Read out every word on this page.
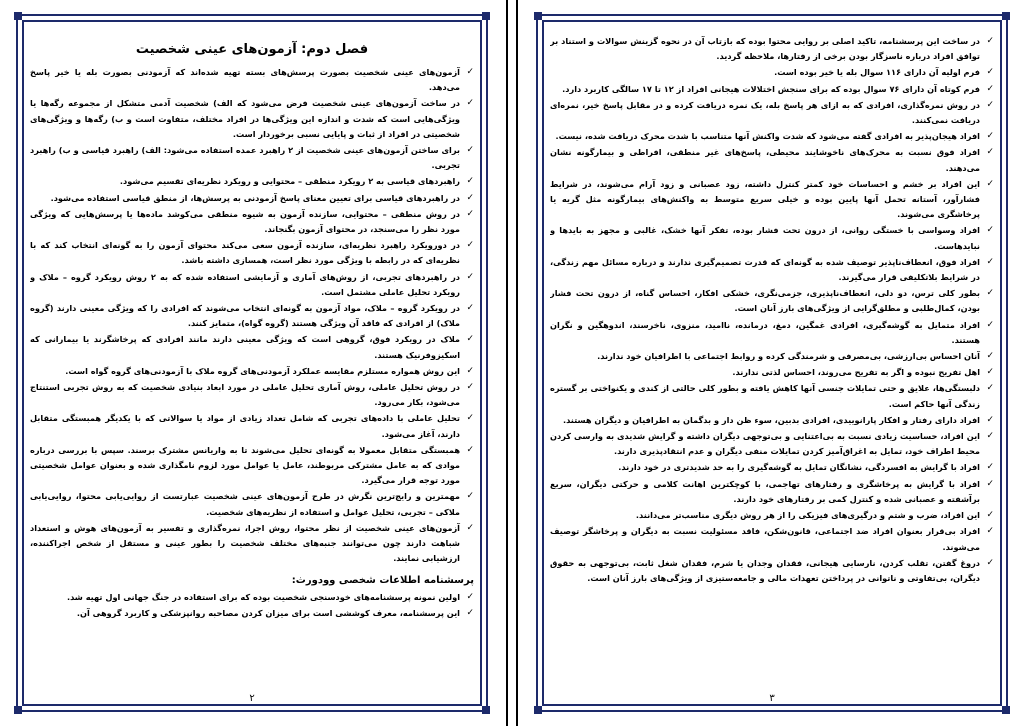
فصل دوم: آزمون‌های عینی شخصیت
✓
آزمون‌های عینی شخصیت بصورت پرسش‌های بسته تهیه شده‌اند که آزمودنی بصورت بله یا خیر پاسخ می‌دهد.
✓
در ساخت آزمون‌های عینی شخصیت فرض می‌شود که الف) شخصیت آدمی متشکل از مجموعه رگه‌ها یا ویژگی‌هایی است که شدت و اندازه این ویژگی‌ها در افراد مختلف، متفاوت است و ب) رگه‌ها و ویژگی‌های شخصیتی در افراد از ثبات و پایایی نسبی برخوردار است.
✓
برای ساختن آزمون‌های عینی شخصیت از ۲ راهبرد عمده استفاده می‌شود: الف) راهبرد قیاسی و ب) راهبرد تجربی.
✓
راهبردهای قیاسی به ۲ رویکرد منطقی – محتوایی و رویکرد نظریه‌ای تقسیم می‌شود.
✓
در راهبردهای قیاسی برای تعیین معنای پاسخ آزمودنی به پرسش‌ها، از منطق قیاسی استفاده می‌شود.
✓
در روش منطقی – محتوایی، سازنده آزمون به شیوه منطقی می‌کوشد ماده‌ها یا پرسش‌هایی که ویژگی مورد نظر را می‌سنجد، در محتوای آزمون بگنجاند.
✓
در دورویکرد راهبرد نظریه‌ای، سازنده آزمون سعی می‌کند محتوای آزمون را به گونه‌ای انتخاب کند که با نظریه‌ای که در رابطه با ویژگی مورد نظر است، همسازی داشته باشد.
✓
در راهبردهای تجربی، از روش‌های آماری و آزمایشی استفاده شده که به ۲ روش رویکرد گروه – ملاک و رویکرد تحلیل عاملی مشتمل است.
✓
در رویکرد گروه – ملاک، مواد آزمون به گونه‌ای انتخاب می‌شوند که افرادی را که ویژگی معینی دارند (گروه ملاک) از افرادی که فاقد آن ویژگی هستند (گروه گواه)، متمایز کنند.
✓
ملاک در رویکرد فوق، گروهی است که ویژگی معینی دارند مانند افرادی که پرخاشگرند یا بیمارانی که اسکیزوفرنیک هستند.
✓
این روش همواره مستلزم مقایسه عملکرد آزمودنی‌های گروه ملاک با آزمودنی‌های گروه گواه است.
✓
در روش تحلیل عاملی، روش آماری تحلیل عاملی در مورد ابعاد بنیادی شخصیت که به روش تجربی استنتاج می‌شود، بکار می‌رود.
✓
تحلیل عاملی با داده‌های تجربی که شامل تعداد زیادی از مواد یا سوالاتی که با یکدیگر همبستگی متقابل دارند، آغاز می‌شود.
✓
همبستگی متقابل معمولا به گونه‌ای تحلیل می‌شوند تا به واریانس مشترک برسند. سپس با بررسی درباره موادی که به عامل مشترکی مربوطند، عامل یا عوامل مورد لزوم نامگذاری شده و بعنوان عوامل شخصیتی مورد توجه قرار می‌گیرد.
✓
مهمترین و رایج‌ترین نگرش در طرح آزمون‌های عینی شخصیت عبارتست از روایی‌یابی محتوا، روایی‌یابی ملاکی – تجربی، تحلیل عوامل و استفاده از نظریه‌های شخصیت.
✓
آزمون‌های عینی شخصیت از نظر محتوا، روش اجرا، نمره‌گذاری و تفسیر به آزمون‌های هوش و استعداد شباهت دارند چون می‌توانند جنبه‌های مختلف شخصیت را بطور عینی و مستقل از شخص اجراکننده، ارزشیابی نمایند.
پرسشنامه اطلاعات شخصی وودورث:
✓
اولین نمونه پرسشنامه‌های خودسنجی شخصیت بوده که برای استفاده در جنگ جهانی اول تهیه شد.
✓
این پرسشنامه، معرف کوششی است برای میزان کردن مصاحبه روانپزشکی و کاربرد گروهی آن.
۲
✓
در ساخت این پرسشنامه، تاکید اصلی بر روایی محتوا بوده که بازتاب آن در نحوه گزینش سوالات و استناد بر توافق افراد درباره ناسزگار بودن برخی از رفتارها، ملاحظه گردید.
✓
فرم اولیه آن دارای ۱۱۶ سوال بله یا خیر بوده است.
✓
فرم کوتاه آن دارای ۷۶ سوال بوده که برای سنجش اختلالات هیجانی افراد از ۱۲ تا ۱۷ سالگی کاربرد دارد.
✓
در روش نمره‌گذاری، افرادی که به ازای هر پاسخ بله، یک نمره دریافت کرده و در مقابل پاسخ خیر، نمره‌ای دریافت نمی‌کنند.
✓
افراد هیجان‌پذیر به افرادی گفته می‌شود که شدت واکنش آنها متناسب با شدت محرک دریافت شده، نیست.
✓
افراد فوق نسبت به محرک‌های ناخوشایند محیطی، پاسخ‌های غیر منطقی، افراطی و بیمارگونه نشان می‌دهند.
✓
این افراد بر خشم و احساسات خود کمتر کنترل داشته، زود عصبانی و زود آرام می‌شوند، در شرایط فشارآور، آستانه تحمل آنها پایین بوده و خیلی سریع متوسط به واکنش‌های بیمارگونه مثل گریه یا پرخاشگری می‌شوند.
✓
افراد وسواسی با خستگی روانی، از درون تحت فشار بوده، تفکر آنها خشک، غالبی و مجهز به بایدها و نبایدهاست.
✓
افراد فوق، انعطاف‌ناپذیر توصیف شده به گونه‌ای که قدرت تصمیم‌گیری ندارند و درباره مسائل مهم زندگی، در شرایط بلاتکلیفی قرار می‌گیرند.
✓
بطور کلی ترس، دو دلی، انعطاف‌ناپذیری، جزمی‌نگری، خشکی افکار، احساس گناه، از درون تحت فشار بودن، کمال‌طلبی و مطلق‌گرایی از ویژگی‌های بارز آنان است.
✓
افراد متمایل به گوشه‌گیری، افرادی غمگین، دمغ، درمانده، ناامید، منزوی، ناخرسند، اندوهگین و نگران هستند.
✓
آنان احساس بی‌ارزشی، بی‌مصرفی و شرمندگی کرده و روابط اجتماعی با اطرافیان خود ندارند.
✓
اهل تفریح نبوده و اگر به تفریح می‌روند، احساس لذتی ندارند.
✓
دلبستگی‌ها، علایق و حتی تمایلات جنسی آنها کاهش یافته و بطور کلی حالتی از کندی و یکنواختی بر گستره زندگی آنها حاکم است.
✓
افراد دارای رفتار و افکار پارانوییدی، افرادی بدبین، سوء ظن دار و بدگمان به اطرافیان و دیگران هستند.
✓
این افراد، حساسیت زیادی نسبت به بی‌اعتنایی و بی‌توجهی دیگران داشته و گرایش شدیدی به وارسی کردن محیط اطراف خود، تمایل به اغراق‌آمیز کردن تمایلات منفی دیگران و عدم انتقادپذیری دارند.
✓
افراد با گرایش به افسردگی، نشانگان تمایل به گوشه‌گیری را به حد شدیدتری در خود دارند.
✓
افراد با گرایش به پرخاشگری و رفتارهای تهاجمی، با کوچکترین اهانت کلامی و حرکتی دیگران، سریع برآشفته و عصبانی شده و کنترل کمی بر رفتارهای خود دارند.
✓
این افراد، ضرب و شتم و درگیری‌های فیزیکی را از هر روش دیگری مناسب‌تر می‌دانند.
✓
افراد بی‌قرار بعنوان افراد ضد اجتماعی، قانون‌شکن، فاقد مسئولیت نسبت به دیگران و پرخاشگر توصیف می‌شوند.
✓
دروغ گفتن، تقلب کردن، نارسایی هیجانی، فقدان وجدان یا شرم، فقدان شغل ثابت، بی‌توجهی به حقوق دیگران، بی‌تفاوتی و ناتوانی در پرداختن تعهدات مالی و جامعه‌ستیزی از ویژگی‌های بارز آنان است.
۳
